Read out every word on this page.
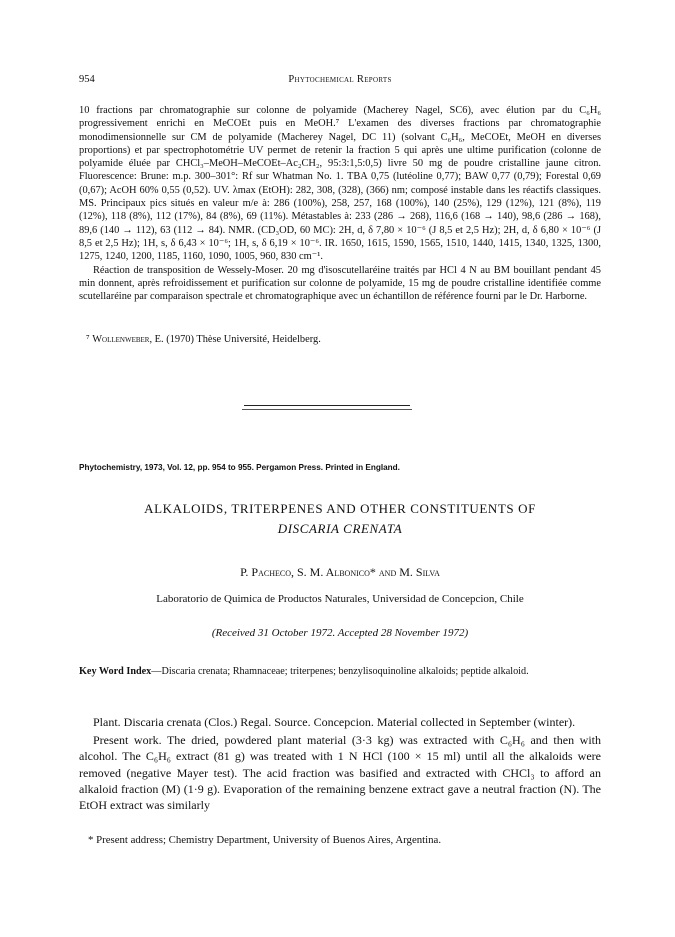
954	Phytochemical Reports

10 fractions par chromatographie sur colonne de polyamide (Macherey Nagel, SC6), avec élution par du C₆H₆ progressivement enrichi en MeCOEt puis en MeOH.⁷ L'examen des diverses fractions par chromatographie monodimensionnelle sur CM de polyamide (Macherey Nagel, DC 11) (solvant C₆H₆, MeCOEt, MeOH en diverses proportions) et par spectrophotométrie UV permet de retenir la fraction 5 qui après une ultime purification (colonne de polyamide éluée par CHCl₃–MeOH–MeCOEt–Ac₂CH₂, 95:3:1,5:0,5) livre 50 mg de poudre cristalline jaune citron. Fluorescence: Brune: m.p. 300–301°: Rf sur Whatman No. 1. TBA 0,75 (lutéoline 0,77); BAW 0,77 (0,79); Forestal 0,69 (0,67); AcOH 60% 0,55 (0,52). UV. λmax (EtOH): 282, 308, (328), (366) nm; composé instable dans les réactifs classiques. MS. Principaux pics situés en valeur m/e à: 286 (100%), 258, 257, 168 (100%), 140 (25%), 129 (12%), 121 (8%), 119 (12%), 118 (8%), 112 (17%), 84 (8%), 69 (11%). Métastables à: 233 (286 → 268), 116,6 (168 → 140), 98,6 (286 → 168), 89,6 (140 → 112), 63 (112 → 84). NMR. (CD₃OD, 60 MC): 2H, d, δ 7,80 × 10⁻⁶ (J 8,5 et 2,5 Hz); 2H, d, δ 6,80 × 10⁻⁶ (J 8,5 et 2,5 Hz); 1H, s, δ 6,43 × 10⁻⁶; 1H, s, δ 6,19 × 10⁻⁶. IR. 1650, 1615, 1590, 1565, 1510, 1440, 1415, 1340, 1325, 1300, 1275, 1240, 1200, 1185, 1160, 1090, 1005, 960, 830 cm⁻¹.

Réaction de transposition de Wessely-Moser. 20 mg d'isoscutellaréine traités par HCl 4 N au BM bouillant pendant 45 min donnent, après refroidissement et purification sur colonne de polyamide, 15 mg de poudre cristalline identifiée comme scutellaréine par comparaison spectrale et chromatographique avec un échantillon de référence fourni par le Dr. Harborne.

⁷ Wollenweber, E. (1970) Thèse Université, Heidelberg.
Phytochemistry, 1973, Vol. 12, pp. 954 to 955. Pergamon Press. Printed in England.
ALKALOIDS, TRITERPENES AND OTHER CONSTITUENTS OF
DISCARIA CRENATA
P. Pacheco, S. M. Albonico* and M. Silva
Laboratorio de Quimica de Productos Naturales, Universidad de Concepcion, Chile
(Received 31 October 1972. Accepted 28 November 1972)
Key Word Index—Discaria crenata; Rhamnaceae; triterpenes; benzylisoquinoline alkaloids; peptide alkaloid.

Plant. Discaria crenata (Clos.) Regal. Source. Concepcion. Material collected in September (winter).

Present work. The dried, powdered plant material (3·3 kg) was extracted with C₆H₆ and then with alcohol. The C₆H₆ extract (81 g) was treated with 1 N HCl (100 × 15 ml) until all the alkaloids were removed (negative Mayer test). The acid fraction was basified and extracted with CHCl₃ to afford an alkaloid fraction (M) (1·9 g). Evaporation of the remaining benzene extract gave a neutral fraction (N). The EtOH extract was similarly

* Present address; Chemistry Department, University of Buenos Aires, Argentina.
